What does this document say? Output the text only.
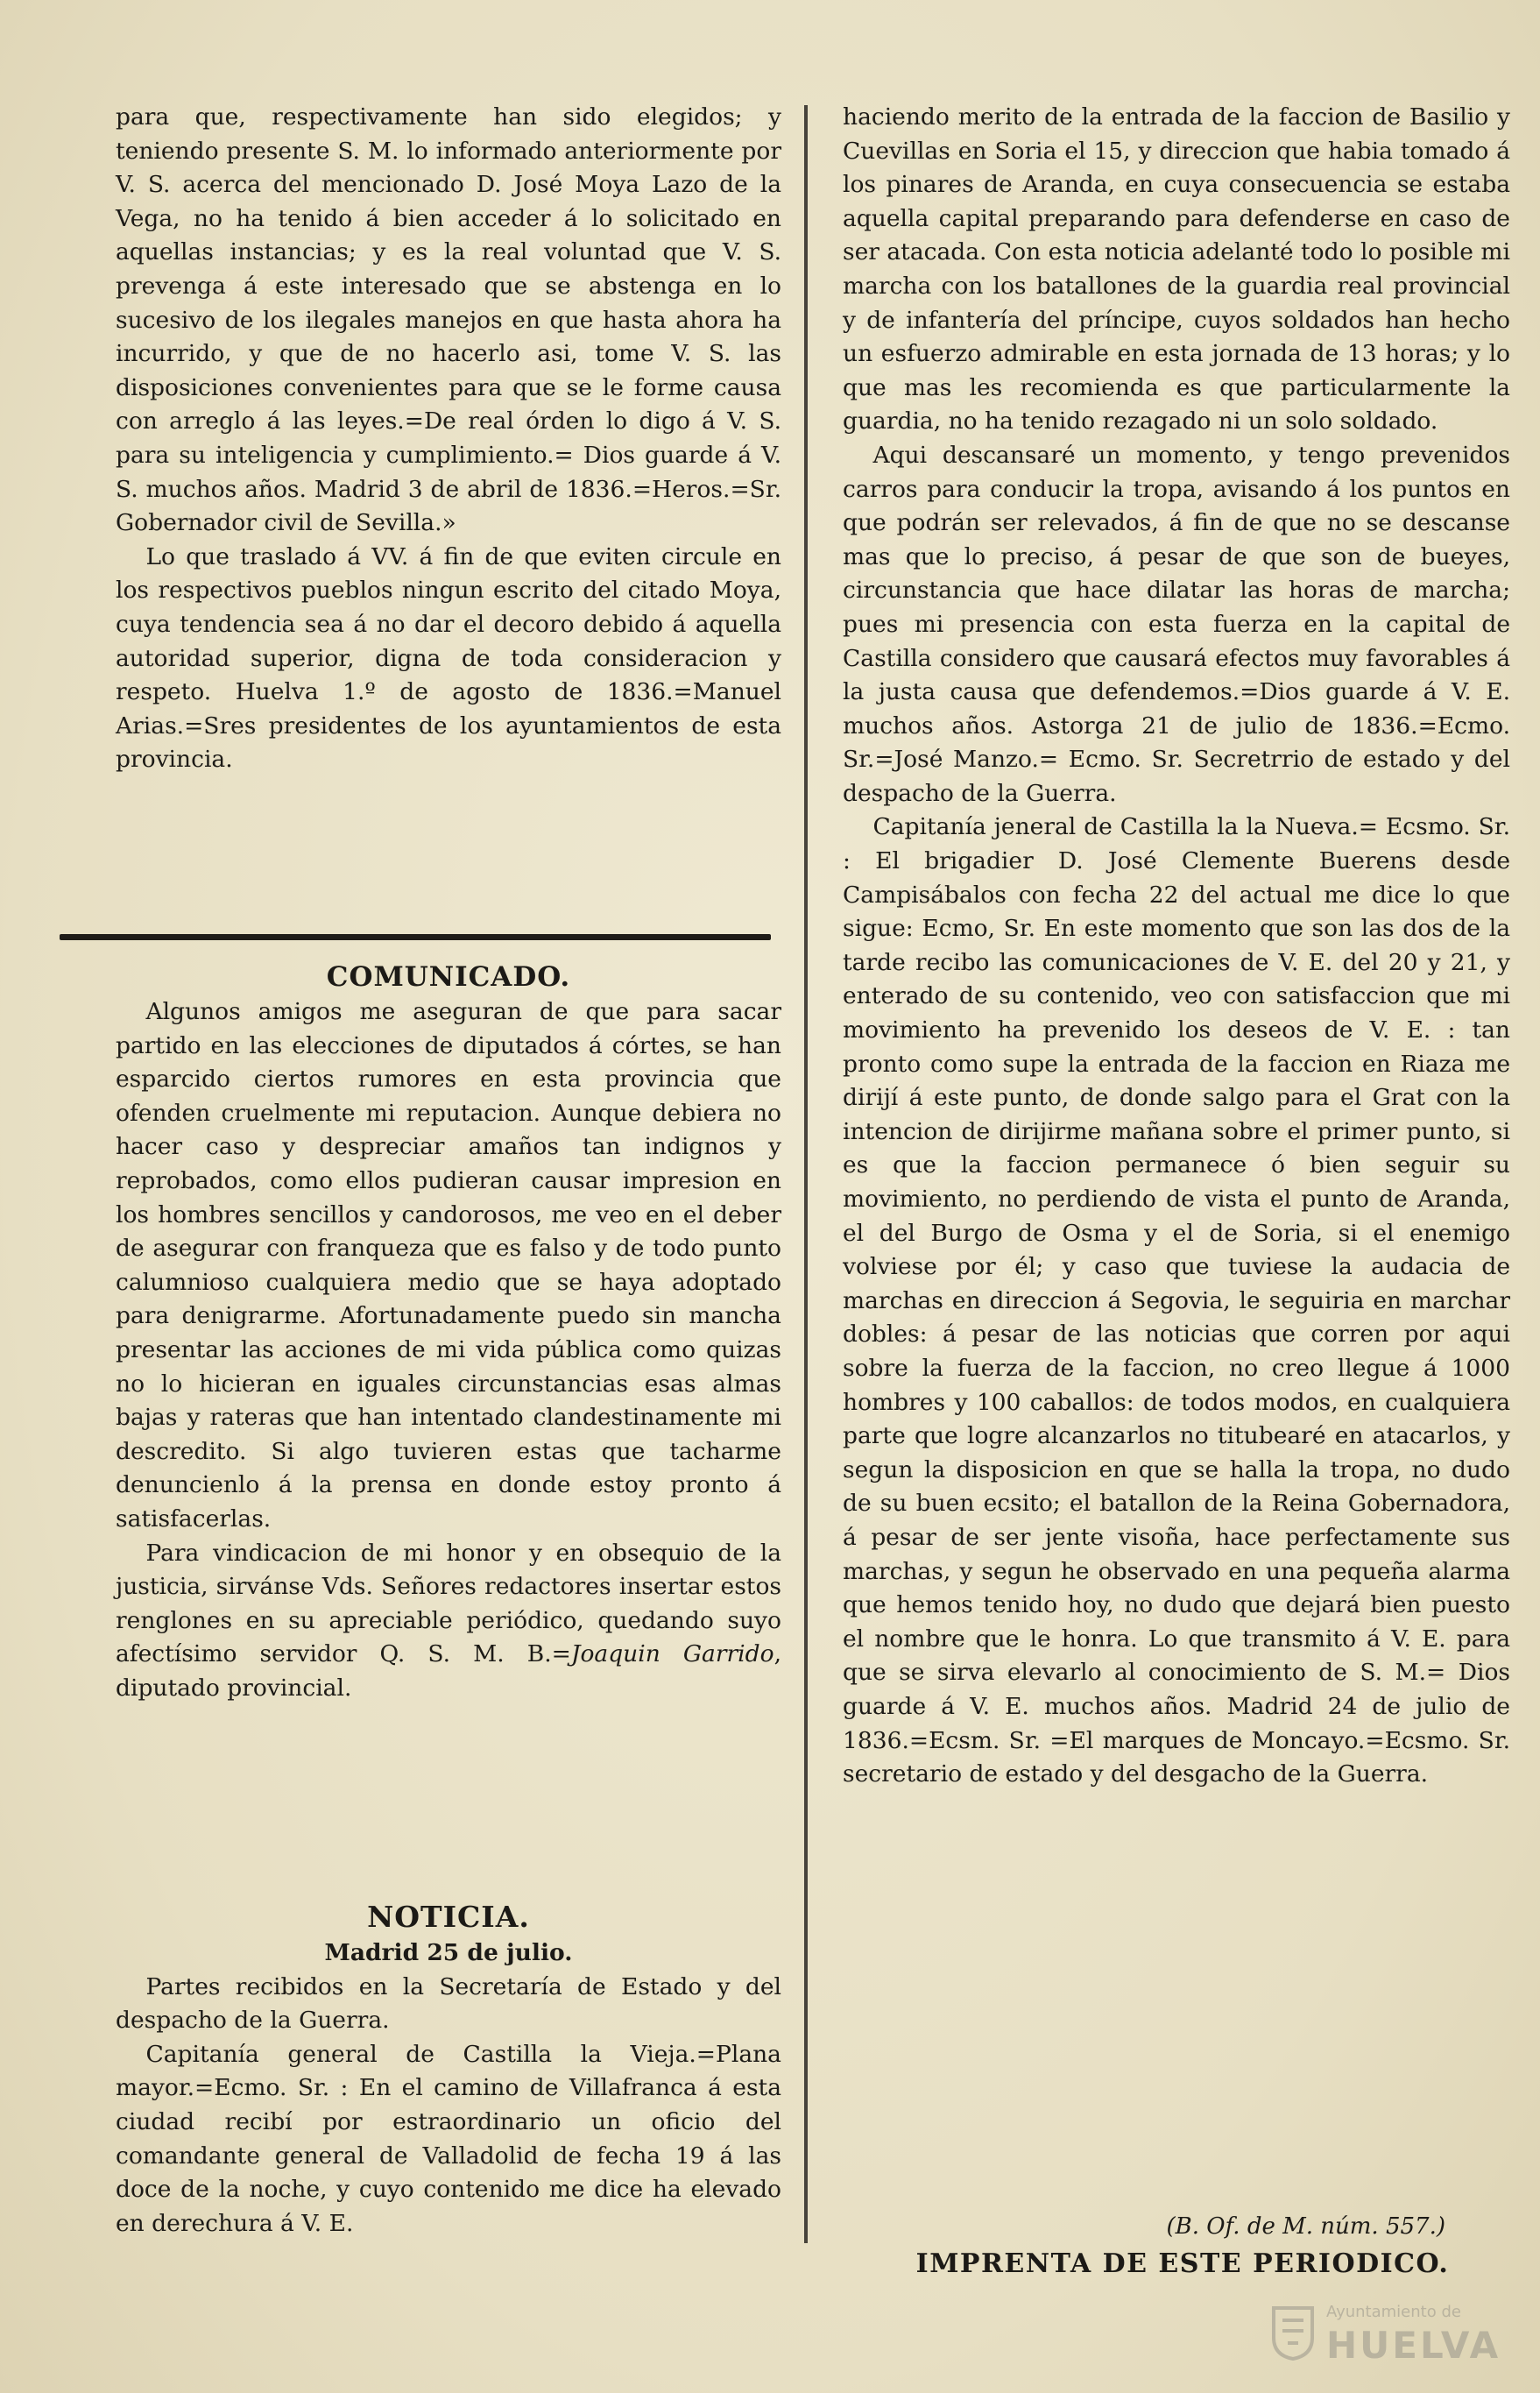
para que, respectivamente han sido elegidos; y teniendo presente S. M. lo informado anteriormente por V. S. acerca del mencionado D. José Moya Lazo de la Vega, no ha tenido á bien acceder á lo solicitado en aquellas instancias; y es la real voluntad que V. S. prevenga á este interesado que se abstenga en lo sucesivo de los ilegales manejos en que hasta ahora ha incurrido, y que de no hacerlo asi, tome V. S. las disposiciones convenientes para que se le forme causa con arreglo á las leyes.=De real órden lo digo á V. S. para su inteligencia y cumplimiento.= Dios guarde á V. S. muchos años. Madrid 3 de abril de 1836.=Heros.=Sr. Gobernador civil de Sevilla.»

Lo que traslado á VV. á fin de que eviten circule en los respectivos pueblos ningun escrito del citado Moya, cuya tendencia sea á no dar el decoro debido á aquella autoridad superior, digna de toda consideracion y respeto. Huelva 1.º de agosto de 1836.=Manuel Arias.=Sres presidentes de los ayuntamientos de esta provincia.

COMUNICADO.

Algunos amigos me aseguran de que para sacar partido en las elecciones de diputados á córtes, se han esparcido ciertos rumores en esta provincia que ofenden cruelmente mi reputacion. Aunque debiera no hacer caso y despreciar amaños tan indignos y reprobados, como ellos pudieran causar impresion en los hombres sencillos y candorosos, me veo en el deber de asegurar con franqueza que es falso y de todo punto calumnioso cualquiera medio que se haya adoptado para denigrarme. Afortunadamente puedo sin mancha presentar las acciones de mi vida pública como quizas no lo hicieran en iguales circunstancias esas almas bajas y rateras que han intentado clandestinamente mi descredito. Si algo tuvieren estas que tacharme denuncienlo á la prensa en donde estoy pronto á satisfacerlas.

Para vindicacion de mi honor y en obsequio de la justicia, sirvánse Vds. Señores redactores insertar estos renglones en su apreciable periódico, quedando suyo afectísimo servidor Q. S. M. B.=Joaquin Garrido, diputado provincial.

NOTICIA.

Madrid 25 de julio.

Partes recibidos en la Secretaría de Estado y del despacho de la Guerra.

Capitanía general de Castilla la Vieja.=Plana mayor.=Ecmo. Sr. : En el camino de Villafranca á esta ciudad recibí por estraordinario un oficio del comandante general de Valladolid de fecha 19 á las doce de la noche, y cuyo contenido me dice ha elevado en derechura á V. E.

haciendo merito de la entrada de la faccion de Basilio y Cuevillas en Soria el 15, y direccion que habia tomado á los pinares de Aranda, en cuya consecuencia se estaba aquella capital preparando para defenderse en caso de ser atacada. Con esta noticia adelanté todo lo posible mi marcha con los batallones de la guardia real provincial y de infantería del príncipe, cuyos soldados han hecho un esfuerzo admirable en esta jornada de 13 horas; y lo que mas les recomienda es que particularmente la guardia, no ha tenido rezagado ni un solo soldado.

Aqui descansaré un momento, y tengo prevenidos carros para conducir la tropa, avisando á los puntos en que podrán ser relevados, á fin de que no se descanse mas que lo preciso, á pesar de que son de bueyes, circunstancia que hace dilatar las horas de marcha; pues mi presencia con esta fuerza en la capital de Castilla considero que causará efectos muy favorables á la justa causa que defendemos.=Dios guarde á V. E. muchos años. Astorga 21 de julio de 1836.=Ecmo. Sr.=José Manzo.= Ecmo. Sr. Secretrrio de estado y del despacho de la Guerra.

Capitanía jeneral de Castilla la la Nueva.= Ecsmo. Sr. : El brigadier D. José Clemente Buerens desde Campisábalos con fecha 22 del actual me dice lo que sigue: Ecmo, Sr. En este momento que son las dos de la tarde recibo las comunicaciones de V. E. del 20 y 21, y enterado de su contenido, veo con satisfaccion que mi movimiento ha prevenido los deseos de V. E. : tan pronto como supe la entrada de la faccion en Riaza me dirijí á este punto, de donde salgo para el Grat con la intencion de dirijirme mañana sobre el primer punto, si es que la faccion permanece ó bien seguir su movimiento, no perdiendo de vista el punto de Aranda, el del Burgo de Osma y el de Soria, si el enemigo volviese por él; y caso que tuviese la audacia de marchas en direccion á Segovia, le seguiria en marchar dobles: á pesar de las noticias que corren por aqui sobre la fuerza de la faccion, no creo llegue á 1000 hombres y 100 caballos: de todos modos, en cualquiera parte que logre alcanzarlos no titubearé en atacarlos, y segun la disposicion en que se halla la tropa, no dudo de su buen ecsito; el batallon de la Reina Gobernadora, á pesar de ser jente visoña, hace perfectamente sus marchas, y segun he observado en una pequeña alarma que hemos tenido hoy, no dudo que dejará bien puesto el nombre que le honra. Lo que transmito á V. E. para que se sirva elevarlo al conocimiento de S. M.= Dios guarde á V. E. muchos años. Madrid 24 de julio de 1836.=Ecsm. Sr. =El marques de Moncayo.=Ecsmo. Sr. secretario de estado y del desgacho de la Guerra.

(B. Of. de M. núm. 557.)
IMPRENTA DE ESTE PERIODICO.
Ayuntamiento de
HUELVA
